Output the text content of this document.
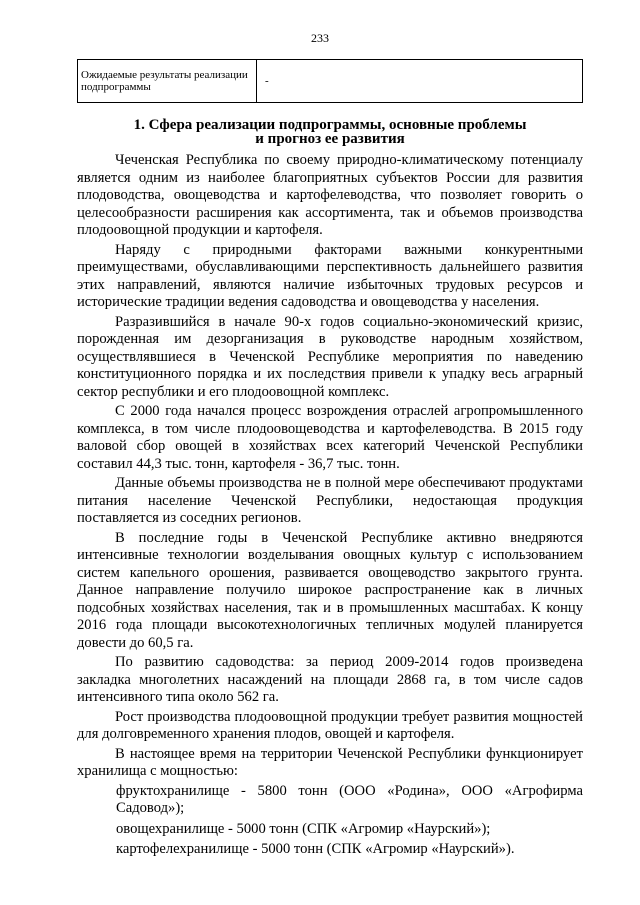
233
Ожидаемые результаты реализации подпрограммы	-
1. Сфера реализации подпрограммы, основные проблемы
и прогноз ее развития

Чеченская Республика по своему природно-климатическому потенциалу является одним из наиболее благоприятных субъектов России для развития плодоводства, овощеводства и картофелеводства, что позволяет говорить о целесообразности расширения как ассортимента, так и объемов производства плодоовощной продукции и картофеля.

Наряду с природными факторами важными конкурентными преимуществами, обуславливающими перспективность дальнейшего развития этих направлений, являются наличие избыточных трудовых ресурсов и исторические традиции ведения садоводства и овощеводства у населения.

Разразившийся в начале 90-х годов социально-экономический кризис, порожденная им дезорганизация в руководстве народным хозяйством, осуществлявшиеся в Чеченской Республике мероприятия по наведению конституционного порядка и их последствия привели к упадку весь аграрный сектор республики и его плодоовощной комплекс.

С 2000 года начался процесс возрождения отраслей агропромышленного комплекса, в том числе плодоовощеводства и картофелеводства. В 2015 году валовой сбор овощей в хозяйствах всех категорий Чеченской Республики составил 44,3 тыс. тонн, картофеля - 36,7 тыс. тонн.

Данные объемы производства не в полной мере обеспечивают продуктами питания население Чеченской Республики, недостающая продукция поставляется из соседних регионов.

В последние годы в Чеченской Республике активно внедряются интенсивные технологии возделывания овощных культур с использованием систем капельного орошения, развивается овощеводство закрытого грунта. Данное направление получило широкое распространение как в личных подсобных хозяйствах населения, так и в промышленных масштабах. К концу 2016 года площади высокотехнологичных тепличных модулей планируется довести до 60,5 га.

По развитию садоводства: за период 2009-2014 годов произведена закладка многолетних насаждений на площади 2868 га, в том числе садов интенсивного типа около 562 га.

Рост производства плодоовощной продукции требует развития мощностей для долговременного хранения плодов, овощей и картофеля.

В настоящее время на территории Чеченской Республики функционирует хранилища с мощностью:

фруктохранилище - 5800 тонн (ООО «Родина», ООО «Агрофирма Садовод»);

овощехранилище - 5000 тонн (СПК «Агромир «Наурский»);

картофелехранилище - 5000 тонн (СПК «Агромир «Наурский»).
